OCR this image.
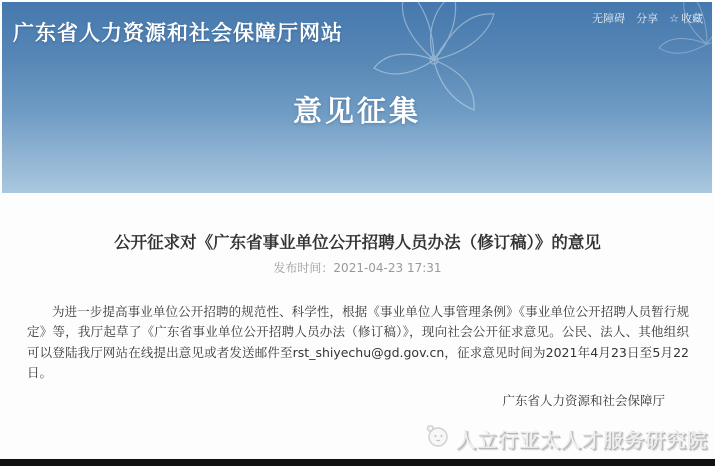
广东省人力资源和社会保障厅网站
无障碍 分享 ☆ 收藏
意见征集
公开征求对《广东省事业单位公开招聘人员办法（修订稿）》的意见
发布时间：2021-04-23 17:31
为进一步提高事业单位公开招聘的规范性、科学性，根据《事业单位人事管理条例》《事业单位公开招聘人员暂行规定》等，我厅起草了《广东省事业单位公开招聘人员办法（修订稿）》，现向社会公开征求意见。公民、法人、其他组织可以登陆我厅网站在线提出意见或者发送邮件至rst_shiyechu@gd.gov.cn，征求意见时间为2021年4月23日至5月22日。
广东省人力资源和社会保障厅
人立行亚太人才服务研究院
